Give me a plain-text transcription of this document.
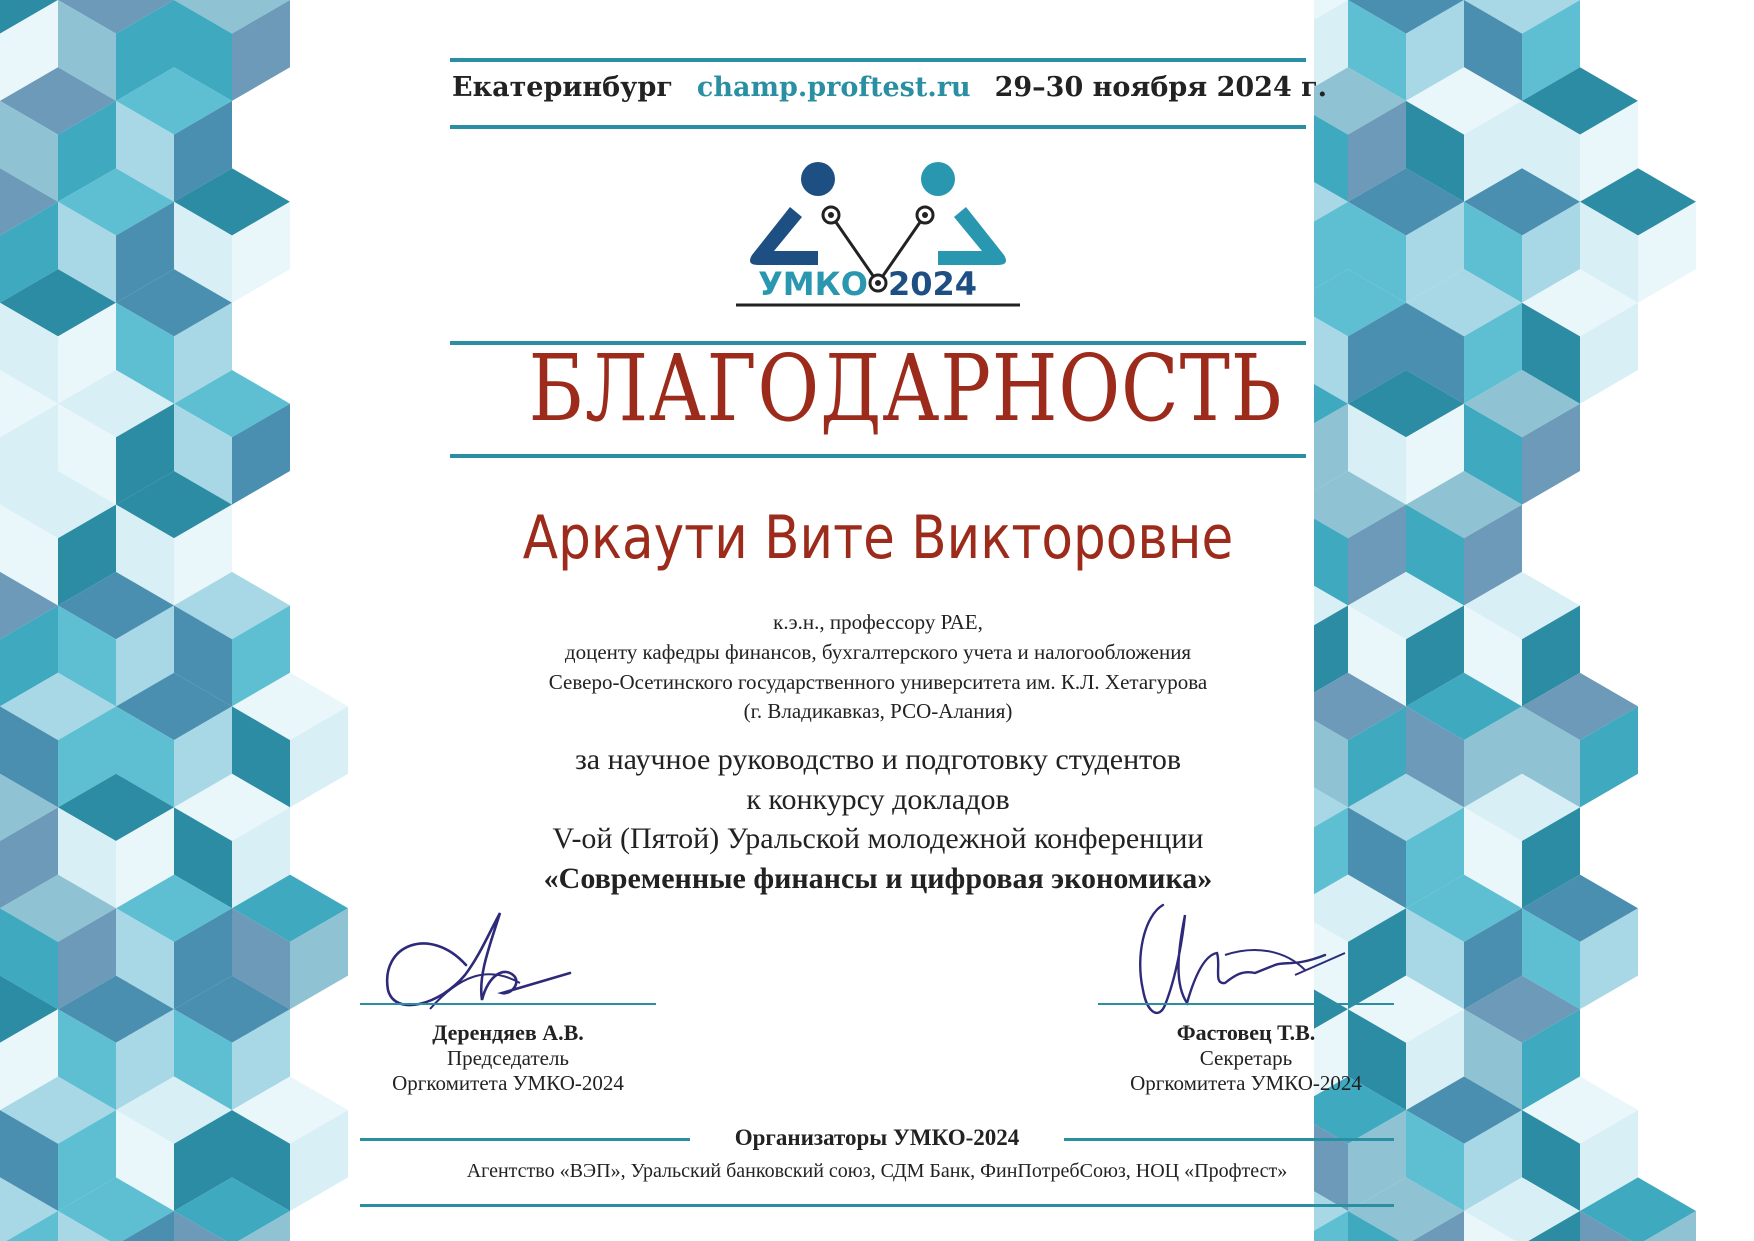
Екатеринбург champ.proftest.ru 29–30 ноября 2024 г.
УМКО 2024
БЛАГОДАРНОСТЬ
Аркаути Вите Викторовне
к.э.н., профессору РАЕ,
доценту кафедры финансов, бухгалтерского учета и налогообложения
Северо-Осетинского государственного университета им. К.Л. Хетагурова
(г. Владикавказ, РСО-Алания)
за научное руководство и подготовку студентов
к конкурсу докладов
V-ой (Пятой) Уральской молодежной конференции
«Современные финансы и цифровая экономика»
Дерендяев А.В.
Председатель
Оргкомитета УМКО-2024
Фастовец Т.В.
Секретарь
Оргкомитета УМКО-2024
Организаторы УМКО-2024
Агентство «ВЭП», Уральский банковский союз, СДМ Банк, ФинПотребСоюз, НОЦ «Профтест»
